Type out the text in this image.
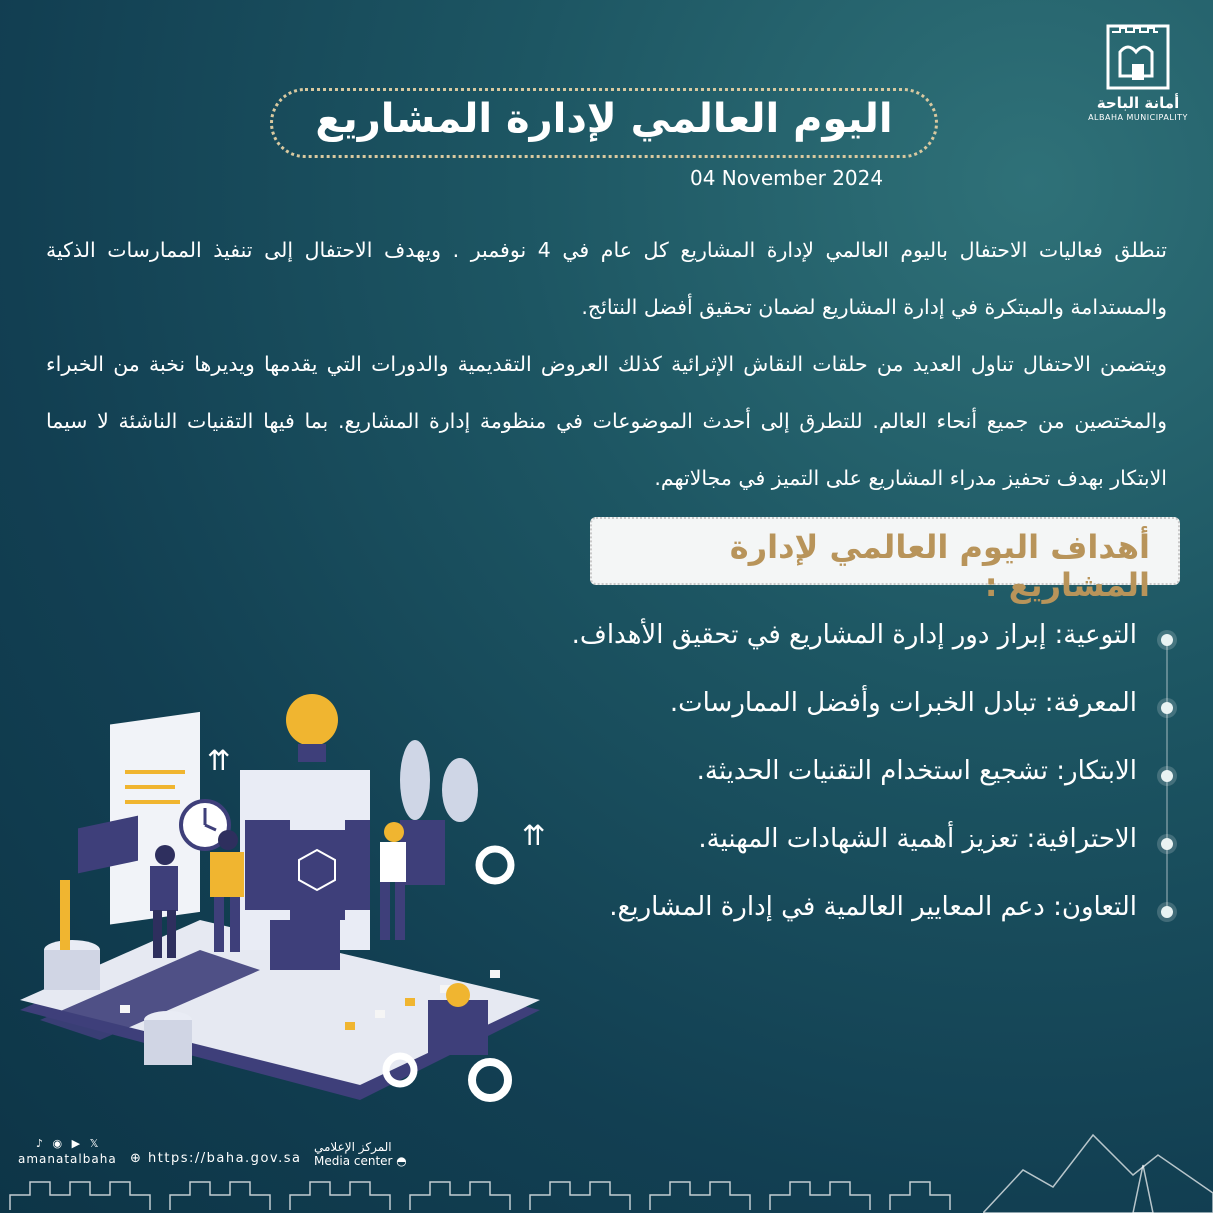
أمانة الباحة
ALBAHA MUNICIPALITY
اليوم العالمي لإدارة المشاريع
04 November 2024

تنطلق فعاليات الاحتفال باليوم العالمي لإدارة المشاريع كل عام في 4 نوفمبر . ويهدف الاحتفال إلى تنفيذ الممارسات الذكية والمستدامة والمبتكرة في إدارة المشاريع لضمان تحقيق أفضل النتائج.

ويتضمن الاحتفال تناول العديد من حلقات النقاش الإثرائية كذلك العروض التقديمية والدورات التي يقدمها ويديرها نخبة من الخبراء والمختصين من جميع أنحاء العالم. للتطرق إلى أحدث الموضوعات في منظومة إدارة المشاريع. بما فيها التقنيات الناشئة لا سيما الابتكار بهدف تحفيز مدراء المشاريع على التميز في مجالاتهم.

أهداف اليوم العالمي لإدارة المشاريع :
التوعية: إبراز دور إدارة المشاريع في تحقيق الأهداف.
المعرفة: تبادل الخبرات وأفضل الممارسات.
الابتكار: تشجيع استخدام التقنيات الحديثة.
الاحترافية: تعزيز أهمية الشهادات المهنية.
التعاون: دعم المعايير العالمية في إدارة المشاريع.
⇈
⇈
♪ ◉ ▶ 𝕏
amanatalbaha ⊕ https://baha.gov.sa
المركز الإعلامي
Media center ◓
